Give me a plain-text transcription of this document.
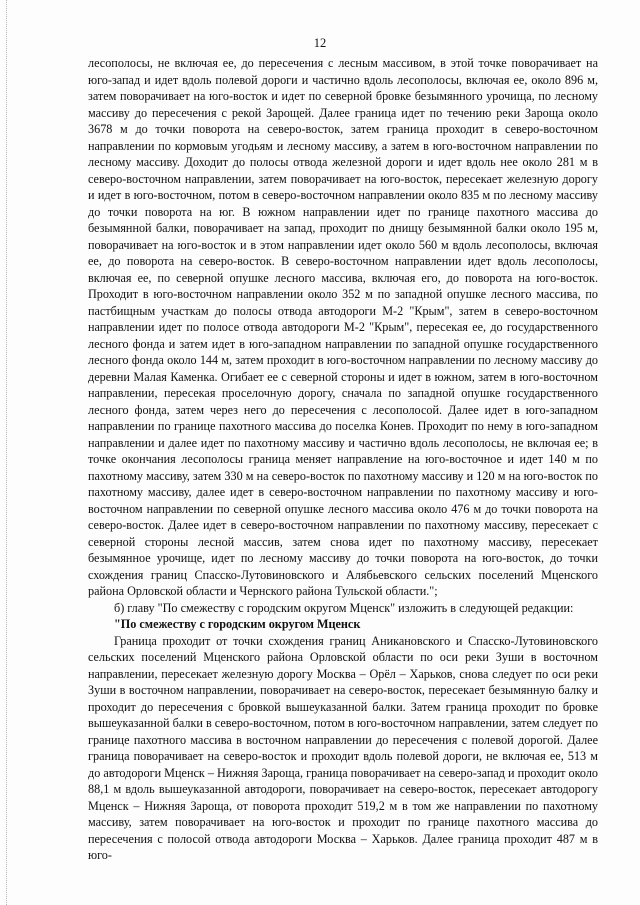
12

лесополосы, не включая ее, до пересечения с лесным массивом, в этой точке поворачивает на юго-запад и идет вдоль полевой дороги и частично вдоль лесополосы, включая ее, около 896 м, затем поворачивает на юго-восток и идет по северной бровке безымянного урочища, по лесному массиву до пересечения с рекой Зарощей. Далее граница идет по течению реки Зароща около 3678 м до точки поворота на северо-восток, затем граница проходит в северо-восточном направлении по кормовым угодьям и лесному массиву, а затем в юго-восточном направлении по лесному массиву. Доходит до полосы отвода железной дороги и идет вдоль нее около 281 м в северо-восточном направлении, затем поворачивает на юго-восток, пересекает железную дорогу и идет в юго-восточном, потом в северо-восточном направлении около 835 м по лесному массиву до точки поворота на юг. В южном направлении идет по границе пахотного массива до безымянной балки, поворачивает на запад, проходит по днищу безымянной балки около 195 м, поворачивает на юго-восток и в этом направлении идет около 560 м вдоль лесополосы, включая ее, до поворота на северо-восток. В северо-восточном направлении идет вдоль лесополосы, включая ее, по северной опушке лесного массива, включая его, до поворота на юго-восток. Проходит в юго-восточном направлении около 352 м по западной опушке лесного массива, по пастбищным участкам до полосы отвода автодороги М-2 "Крым", затем в северо-восточном направлении идет по полосе отвода автодороги М-2 "Крым", пересекая ее, до государственного лесного фонда и затем идет в юго-западном направлении по западной опушке государственного лесного фонда около 144 м, затем проходит в юго-восточном направлении по лесному массиву до деревни Малая Каменка. Огибает ее с северной стороны и идет в южном, затем в юго-восточном направлении, пересекая проселочную дорогу, сначала по западной опушке государственного лесного фонда, затем через него до пересечения с лесополосой. Далее идет в юго-западном направлении по границе пахотного массива до поселка Конев. Проходит по нему в юго-западном направлении и далее идет по пахотному массиву и частично вдоль лесополосы, не включая ее; в точке окончания лесополосы граница меняет направление на юго-восточное и идет 140 м по пахотному массиву, затем 330 м на северо-восток по пахотному массиву и 120 м на юго-восток по пахотному массиву, далее идет в северо-восточном направлении по пахотному массиву и юго-восточном направлении по северной опушке лесного массива около 476 м до точки поворота на северо-восток. Далее идет в северо-восточном направлении по пахотному массиву, пересекает с северной стороны лесной массив, затем снова идет по пахотному массиву, пересекает безымянное урочище, идет по лесному массиву до точки поворота на юго-восток, до точки схождения границ Спасско-Лутовиновского и Алябьевского сельских поселений Мценского района Орловской области и Чернского района Тульской области.";

б) главу "По смежеству с городским округом Мценск" изложить в следующей редакции:

"По смежеству с городским округом Мценск

Граница проходит от точки схождения границ Аникановского и Спасско-Лутовиновского сельских поселений Мценского района Орловской области по оси реки Зуши в восточном направлении, пересекает железную дорогу Москва – Орёл – Харьков, снова следует по оси реки Зуши в восточном направлении, поворачивает на северо-восток, пересекает безымянную балку и проходит до пересечения с бровкой вышеуказанной балки. Затем граница проходит по бровке вышеуказанной балки в северо-восточном, потом в юго-восточном направлении, затем следует по границе пахотного массива в восточном направлении до пересечения с полевой дорогой. Далее граница поворачивает на северо-восток и проходит вдоль полевой дороги, не включая ее, 513 м до автодороги Мценск – Нижняя Зароща, граница поворачивает на северо-запад и проходит около 88,1 м вдоль вышеуказанной автодороги, поворачивает на северо-восток, пересекает автодорогу Мценск – Нижняя Зароща, от поворота проходит 519,2 м в том же направлении по пахотному массиву, затем поворачивает на юго-восток и проходит по границе пахотного массива до пересечения с полосой отвода автодороги Москва – Харьков. Далее граница проходит 487 м в юго-
